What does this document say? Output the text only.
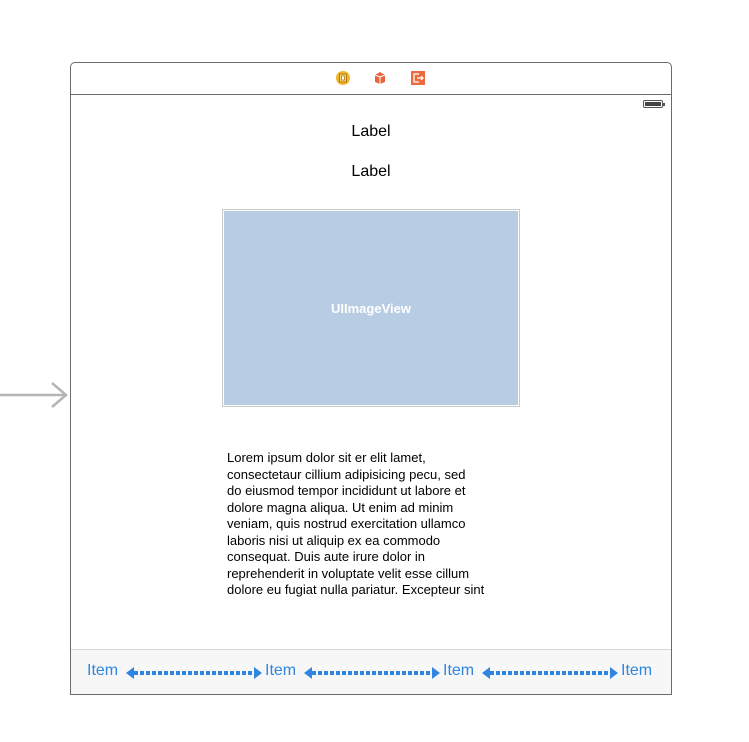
Label
Label
UIImageView
Lorem ipsum dolor sit er elit lamet,
consectetaur cillium adipisicing pecu, sed
do eiusmod tempor incididunt ut labore et
dolore magna aliqua. Ut enim ad minim
veniam, quis nostrud exercitation ullamco
laboris nisi ut aliquip ex ea commodo
consequat. Duis aute irure dolor in
reprehenderit in voluptate velit esse cillum
dolore eu fugiat nulla pariatur. Excepteur sint
Item	Item	Item	Item
